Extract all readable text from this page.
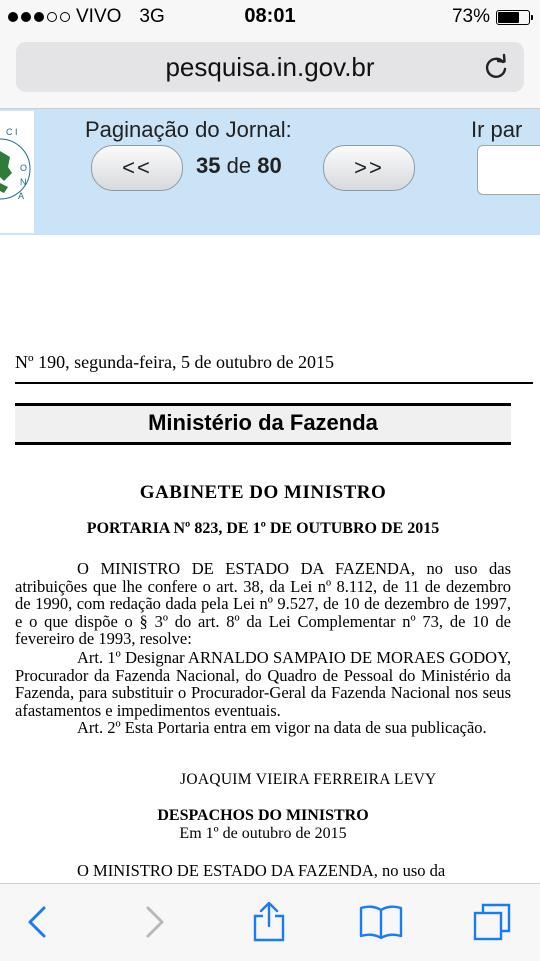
VIVO 3G	08:01	73%
pesquisa.in.gov.br
C I
O
N
A
Paginação do Jornal:	Ir par
<<	35 de 80	>>
Nº 190, segunda-feira, 5 de outubro de 2015
Ministério da Fazenda
GABINETE DO MINISTRO
PORTARIA Nº 823, DE 1º DE OUTUBRO DE 2015
O MINISTRO DE ESTADO DA FAZENDA, no uso das atribuições que lhe confere o art. 38, da Lei nº 8.112, de 11 de dezembro de 1990, com redação dada pela Lei nº 9.527, de 10 de dezembro de 1997, e o que dispõe o § 3º do art. 8º da Lei Complementar nº 73, de 10 de fevereiro de 1993, resolve:
Art. 1º Designar ARNALDO SAMPAIO DE MORAES GODOY, Procurador da Fazenda Nacional, do Quadro de Pessoal do Ministério da Fazenda, para substituir o Procurador-Geral da Fazenda Nacional nos seus afastamentos e impedimentos eventuais.
Art. 2º Esta Portaria entra em vigor na data de sua publicação.
JOAQUIM VIEIRA FERREIRA LEVY
DESPACHOS DO MINISTRO
Em 1º de outubro de 2015
O MINISTRO DE ESTADO DA FAZENDA, no uso da
